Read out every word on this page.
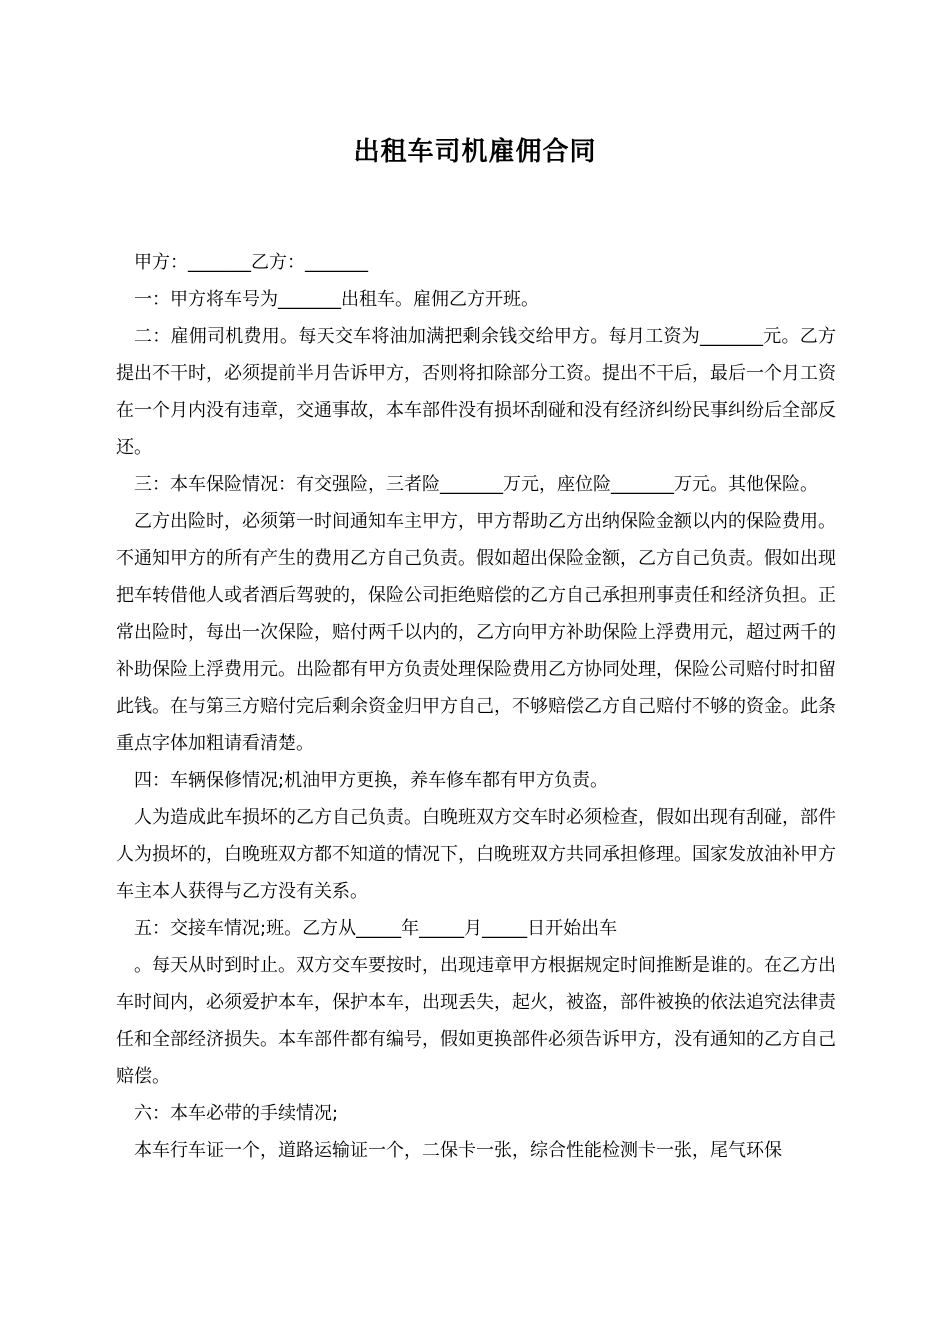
出租车司机雇佣合同

甲方：_______乙方：_______

一：甲方将车号为_______出租车。雇佣乙方开班。

二：雇佣司机费用。每天交车将油加满把剩余钱交给甲方。每月工资为_______元。乙方提出不干时，必须提前半月告诉甲方，否则将扣除部分工资。提出不干后，最后一个月工资在一个月内没有违章，交通事故，本车部件没有损坏刮碰和没有经济纠纷民事纠纷后全部反还。

三：本车保险情况：有交强险，三者险_______万元，座位险_______万元。其他保险。

乙方出险时，必须第一时间通知车主甲方，甲方帮助乙方出纳保险金额以内的保险费用。不通知甲方的所有产生的费用乙方自己负责。假如超出保险金额，乙方自己负责。假如出现把车转借他人或者酒后驾驶的，保险公司拒绝赔偿的乙方自己承担刑事责任和经济负担。正常出险时，每出一次保险，赔付两千以内的，乙方向甲方补助保险上浮费用元，超过两千的补助保险上浮费用元。出险都有甲方负责处理保险费用乙方协同处理，保险公司赔付时扣留此钱。在与第三方赔付完后剩余资金归甲方自己，不够赔偿乙方自己赔付不够的资金。此条重点字体加粗请看清楚。

四：车辆保修情况;机油甲方更换，养车修车都有甲方负责。

人为造成此车损坏的乙方自己负责。白晚班双方交车时必须检查，假如出现有刮碰，部件人为损坏的，白晚班双方都不知道的情况下，白晚班双方共同承担修理。国家发放油补甲方车主本人获得与乙方没有关系。

五：交接车情况;班。乙方从_____年_____月_____日开始出车

。每天从时到时止。双方交车要按时，出现违章甲方根据规定时间推断是谁的。在乙方出车时间内，必须爱护本车，保护本车，出现丢失，起火，被盗，部件被换的依法追究法律责任和全部经济损失。本车部件都有编号，假如更换部件必须告诉甲方，没有通知的乙方自己赔偿。

六：本车必带的手续情况;

本车行车证一个，道路运输证一个，二保卡一张，综合性能检测卡一张，尾气环保
